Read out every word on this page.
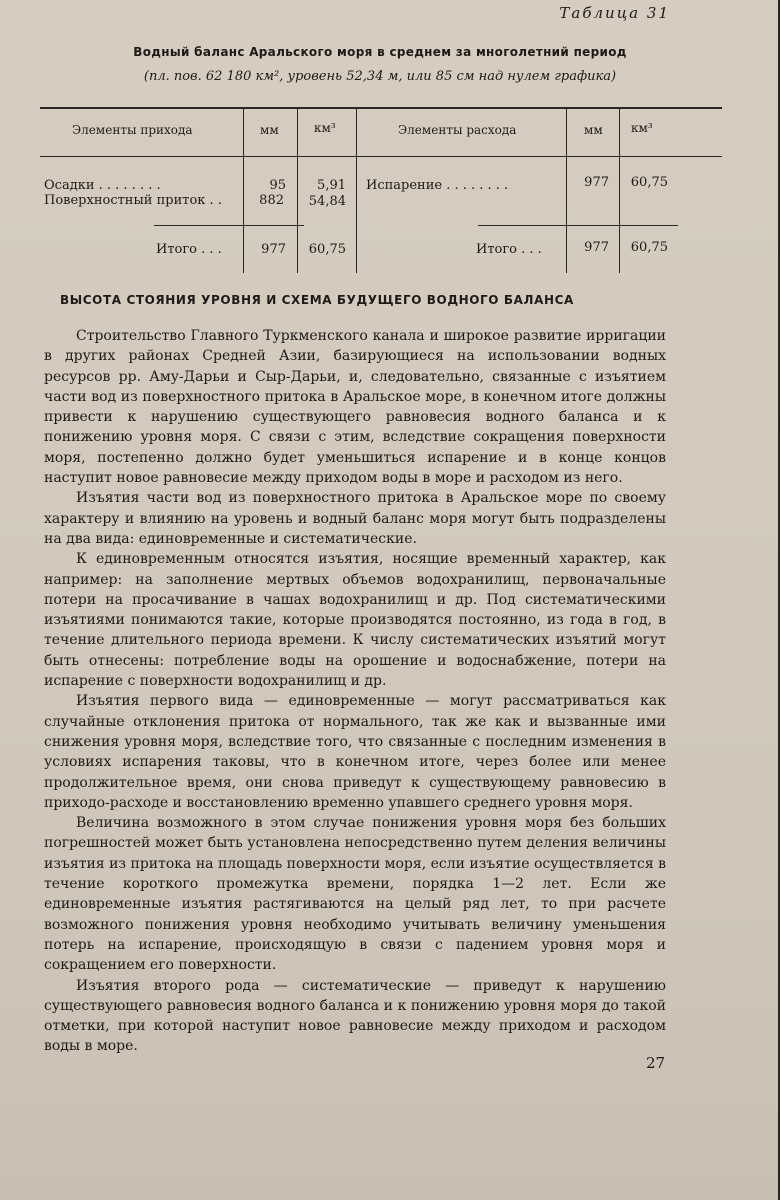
Таблица 31
Водный баланс Аральского моря в среднем за многолетний период
(пл. пов. 62 180 км², уровень 52,34 м, или 85 см над нулем графика)
Элементы прихода	мм	км³	Элементы расхода	мм км³
Осадки . . . . . . . .	95	5,91 Испарение . . . . . . . .	977	60,75
Поверхностный приток . .	882	54,84
Итого . . .	977	60,75	Итого . . .	977	60,75
ВЫСОТА СТОЯНИЯ УРОВНЯ И СХЕМА БУДУЩЕГО ВОДНОГО БАЛАНСА

Строительство Главного Туркменского канала и широкое развитие ирригации в других районах Средней Азии, базирующиеся на использовании водных ресурсов рр. Аму-Дарьи и Сыр-Дарьи, и, следовательно, связанные с изъятием части вод из поверхностного притока в Аральское море, в конечном итоге должны привести к нарушению существующего равновесия водного баланса и к понижению уровня моря. С связи с этим, вследствие сокращения поверхности моря, постепенно должно будет уменьшиться испарение и в конце концов наступит новое равновесие между приходом воды в море и расходом из него.

Изъятия части вод из поверхностного притока в Аральское море по своему характеру и влиянию на уровень и водный баланс моря могут быть подразделены на два вида: единовременные и систематические.

К единовременным относятся изъятия, носящие временный характер, как например: на заполнение мертвых объемов водохранилищ, первоначальные потери на просачивание в чашах водохранилищ и др. Под систематическими изъятиями понимаются такие, которые производятся постоянно, из года в год, в течение длительного периода времени. К числу систематических изъятий могут быть отнесены: потребление воды на орошение и водоснабжение, потери на испарение с поверхности водохранилищ и др.

Изъятия первого вида — единовременные — могут рассматриваться как случайные отклонения притока от нормального, так же как и вызванные ими снижения уровня моря, вследствие того, что связанные с последним изменения в условиях испарения таковы, что в конечном итоге, через более или менее продолжительное время, они снова приведут к существующему равновесию в приходо-расходе и восстановлению временно упавшего среднего уровня моря.

Величина возможного в этом случае понижения уровня моря без больших погрешностей может быть установлена непосредственно путем деления величины изъятия из притока на площадь поверхности моря, если изъятие осуществляется в течение короткого промежутка времени, порядка 1—2 лет. Если же единовременные изъятия растягиваются на целый ряд лет, то при расчете возможного понижения уровня необходимо учитывать величину уменьшения потерь на испарение, происходящую в связи с падением уровня моря и сокращением его поверхности.

Изъятия второго рода — систематические — приведут к нарушению существующего равновесия водного баланса и к понижению уровня моря до такой отметки, при которой наступит новое равновесие между приходом и расходом воды в море.

27
